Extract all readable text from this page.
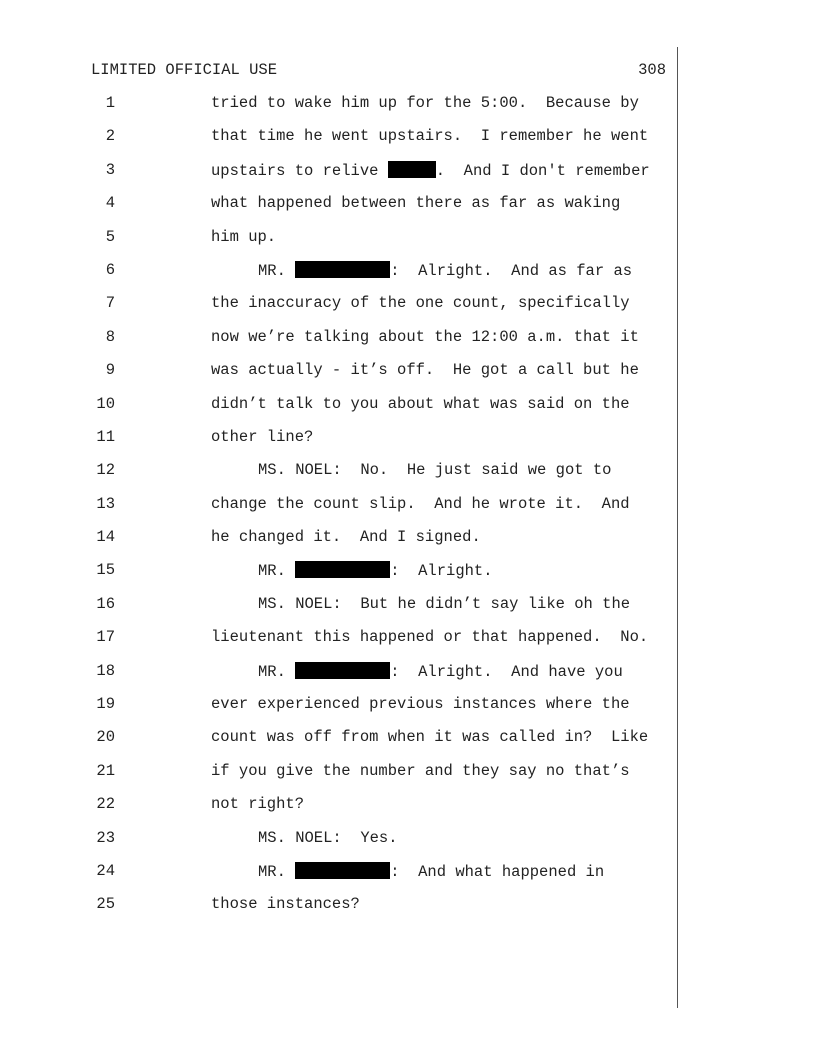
LIMITED OFFICIAL USE	308
1	tried to wake him up for the 5:00.  Because by
2	that time he went upstairs.  I remember he went
3	upstairs to relive	.  And I don't remember
4	what happened between there as far as waking
5	him up.
6	MR.	:  Alright.  And as far as
7	the inaccuracy of the one count, specifically
8	now we’re talking about the 12:00 a.m. that it
9	was actually - it’s off.  He got a call but he
10	didn’t talk to you about what was said on the
11	other line?
12	MS. NOEL:  No.  He just said we got to
13	change the count slip.  And he wrote it.  And
14	he changed it.  And I signed.
15	MR.	:  Alright.
16	MS. NOEL:  But he didn’t say like oh the
17	lieutenant this happened or that happened.  No.
18	MR.	:  Alright.  And have you
19	ever experienced previous instances where the
20	count was off from when it was called in?  Like
21	if you give the number and they say no that’s
22	not right?
23	MS. NOEL:  Yes.
24	MR.	:  And what happened in
25	those instances?
